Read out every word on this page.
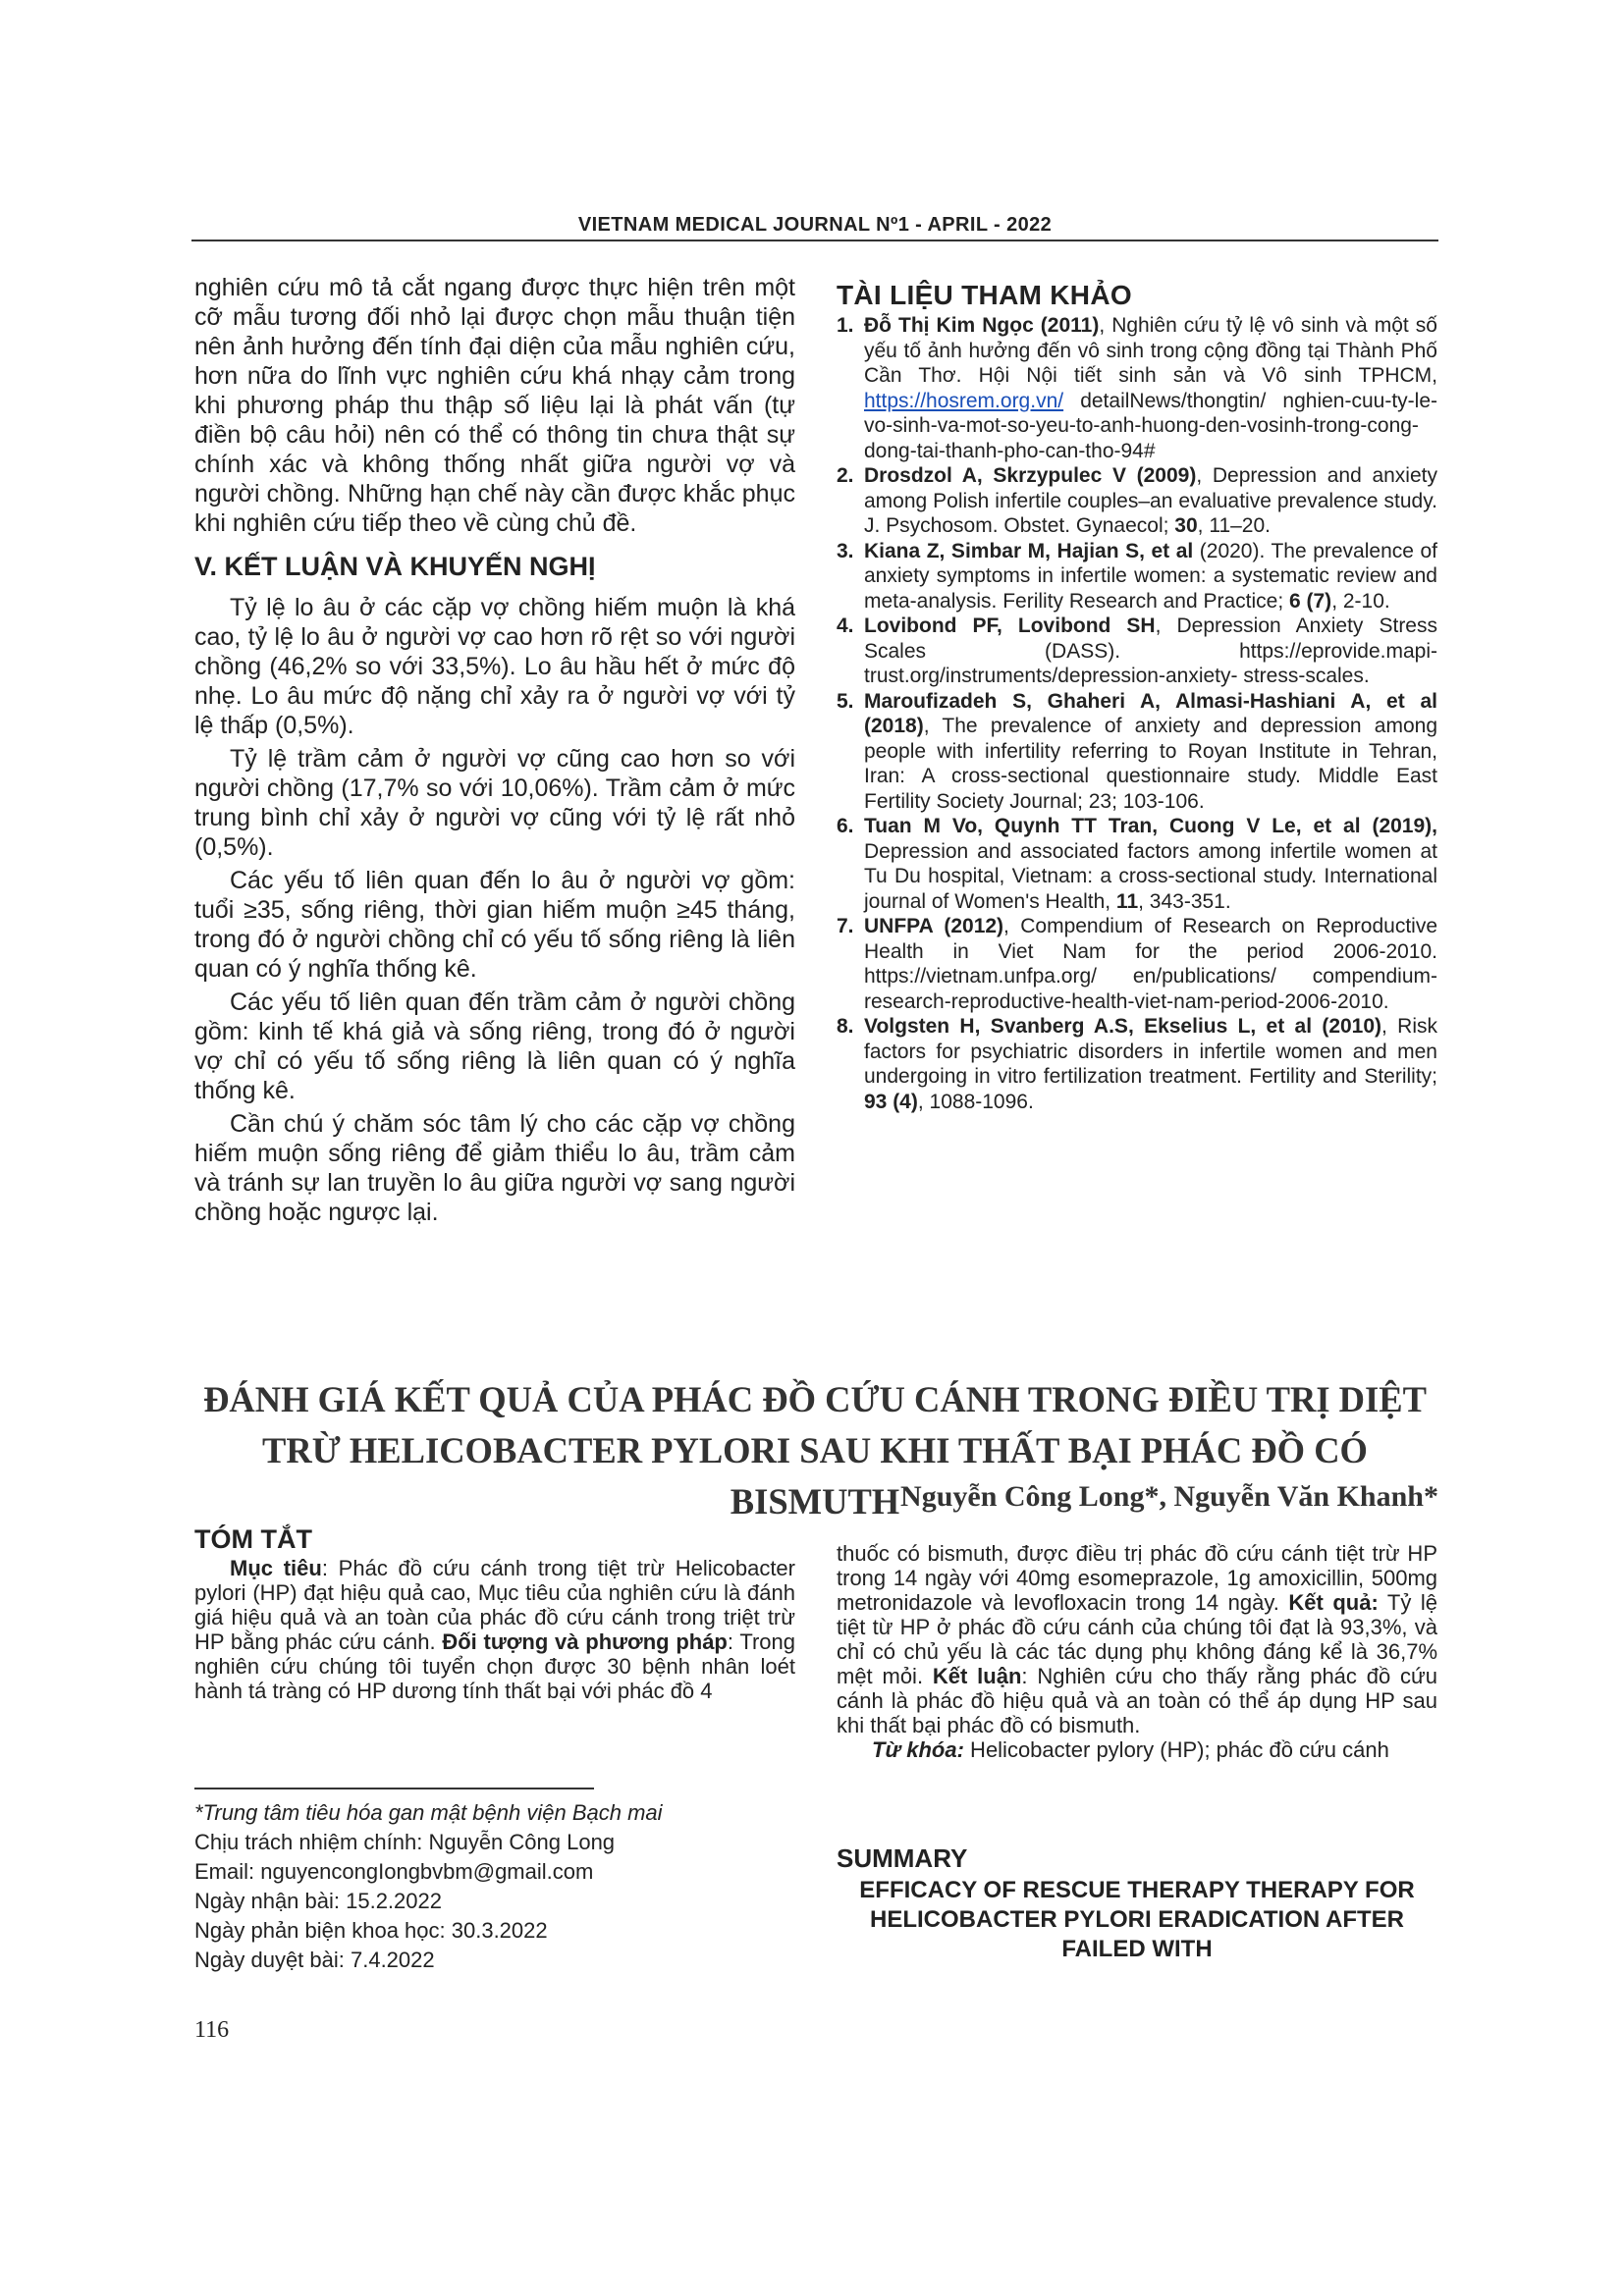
VIETNAM MEDICAL JOURNAL Nº1 - APRIL - 2022

nghiên cứu mô tả cắt ngang được thực hiện trên một cỡ mẫu tương đối nhỏ lại được chọn mẫu thuận tiện nên ảnh hưởng đến tính đại diện của mẫu nghiên cứu, hơn nữa do lĩnh vực nghiên cứu khá nhạy cảm trong khi phương pháp thu thập số liệu lại là phát vấn (tự điền bộ câu hỏi) nên có thể có thông tin chưa thật sự chính xác và không thống nhất giữa người vợ và người chồng. Những hạn chế này cần được khắc phục khi nghiên cứu tiếp theo về cùng chủ đề.

V. KẾT LUẬN VÀ KHUYẾN NGHỊ

Tỷ lệ lo âu ở các cặp vợ chồng hiếm muộn là khá cao, tỷ lệ lo âu ở người vợ cao hơn rõ rệt so với người chồng (46,2% so với 33,5%). Lo âu hầu hết ở mức độ nhẹ. Lo âu mức độ nặng chỉ xảy ra ở người vợ với tỷ lệ thấp (0,5%).

Tỷ lệ trầm cảm ở người vợ cũng cao hơn so với người chồng (17,7% so với 10,06%). Trầm cảm ở mức trung bình chỉ xảy ở người vợ cũng với tỷ lệ rất nhỏ (0,5%).

Các yếu tố liên quan đến lo âu ở người vợ gồm: tuổi ≥35, sống riêng, thời gian hiếm muộn ≥45 tháng, trong đó ở người chồng chỉ có yếu tố sống riêng là liên quan có ý nghĩa thống kê.

Các yếu tố liên quan đến trầm cảm ở người chồng gồm: kinh tế khá giả và sống riêng, trong đó ở người vợ chỉ có yếu tố sống riêng là liên quan có ý nghĩa thống kê.

Cần chú ý chăm sóc tâm lý cho các cặp vợ chồng hiếm muộn sống riêng để giảm thiểu lo âu, trầm cảm và tránh sự lan truyền lo âu giữa người vợ sang người chồng hoặc ngược lại.

TÀI LIỆU THAM KHẢO
1. Đỗ Thị Kim Ngọc (2011), Nghiên cứu tỷ lệ vô sinh và một số yếu tố ảnh hưởng đến vô sinh trong cộng đồng tại Thành Phố Cần Thơ. Hội Nội tiết sinh sản và Vô sinh TPHCM, https://hosrem.org.vn/ detailNews/thongtin/ nghien-cuu-ty-le-vo-sinh-va-mot-so-yeu-to-anh-huong-den-vosinh-trong-cong-dong-tai-thanh-pho-can-tho-94#
2. Drosdzol A, Skrzypulec V (2009), Depression and anxiety among Polish infertile couples–an evaluative prevalence study. J. Psychosom. Obstet. Gynaecol; 30, 11–20.
3. Kiana Z, Simbar M, Hajian S, et al (2020). The prevalence of anxiety symptoms in infertile women: a systematic review and meta-analysis. Ferility Research and Practice; 6 (7), 2-10.
4. Lovibond PF, Lovibond SH, Depression Anxiety Stress Scales (DASS). https://eprovide.mapi-trust.org/instruments/depression-anxiety- stress-scales.
5. Maroufizadeh S, Ghaheri A, Almasi-Hashiani A, et al (2018), The prevalence of anxiety and depression among people with infertility referring to Royan Institute in Tehran, Iran: A cross-sectional questionnaire study. Middle East Fertility Society Journal; 23; 103-106.
6. Tuan M Vo, Quynh TT Tran, Cuong V Le, et al (2019), Depression and associated factors among infertile women at Tu Du hospital, Vietnam: a cross-sectional study. International journal of Women's Health, 11, 343-351.
7. UNFPA (2012), Compendium of Research on Reproductive Health in Viet Nam for the period 2006-2010. https://vietnam.unfpa.org/ en/publications/ compendium-research-reproductive-health-viet-nam-period-2006-2010.
8. Volgsten H, Svanberg A.S, Ekselius L, et al (2010), Risk factors for psychiatric disorders in infertile women and men undergoing in vitro fertilization treatment. Fertility and Sterility; 93 (4), 1088-1096.
ĐÁNH GIÁ KẾT QUẢ CỦA PHÁC ĐỒ CỨU CÁNH TRONG ĐIỀU TRỊ DIỆT TRỪ HELICOBACTER PYLORI SAU KHI THẤT BẠI PHÁC ĐỒ CÓ BISMUTH Nguyễn Công Long*, Nguyễn Văn Khanh*
TÓM TẮT

Mục tiêu: Phác đồ cứu cánh trong tiệt trừ Helicobacter pylori (HP) đạt hiệu quả cao, Mục tiêu của nghiên cứu là đánh giá hiệu quả và an toàn của phác đồ cứu cánh trong triệt trừ HP bằng phác cứu cánh. Đối tượng và phương pháp: Trong nghiên cứu chúng tôi tuyển chọn được 30 bệnh nhân loét hành tá tràng có HP dương tính thất bại với phác đồ 4

thuốc có bismuth, được điều trị phác đồ cứu cánh tiệt trừ HP trong 14 ngày với 40mg esomeprazole, 1g amoxicillin, 500mg metronidazole và levofloxacin trong 14 ngày. Kết quả: Tỷ lệ tiệt từ HP ở phác đồ cứu cánh của chúng tôi đạt là 93,3%, và chỉ có chủ yếu là các tác dụng phụ không đáng kể là 36,7% mệt mỏi. Kết luận: Nghiên cứu cho thấy rằng phác đồ cứu cánh là phác đồ hiệu quả và an toàn có thể áp dụng HP sau khi thất bại phác đồ có bismuth.

Từ khóa: Helicobacter pylory (HP); phác đồ cứu cánh

*Trung tâm tiêu hóa gan mật bệnh viện Bạch mai
Chịu trách nhiệm chính: Nguyễn Công Long
Email: nguyencongIongbvbm@gmail.com
Ngày nhận bài: 15.2.2022
Ngày phản biện khoa học: 30.3.2022
Ngày duyệt bài: 7.4.2022
SUMMARY
EFFICACY OF RESCUE THERAPY THERAPY FOR HELICOBACTER PYLORI ERADICATION AFTER FAILED WITH
116
